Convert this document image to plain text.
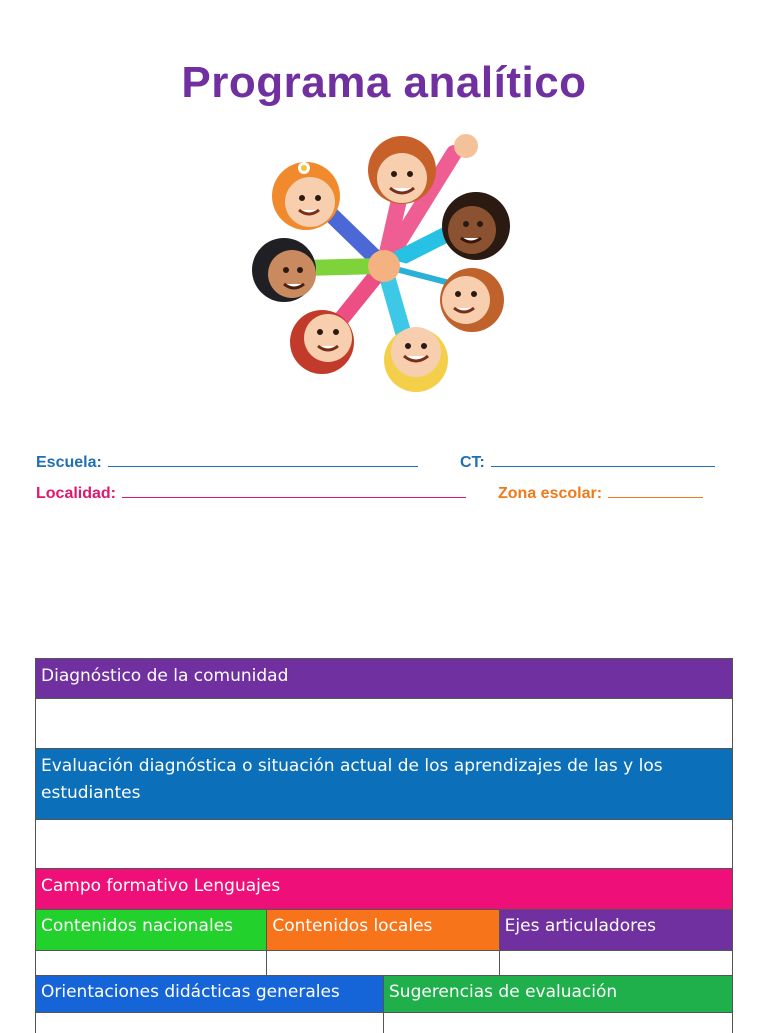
Programa analítico
Escuela:	CT:
Localidad:	Zona escolar:
Diagnóstico de la comunidad
Evaluación diagnóstica o situación actual de los aprendizajes de las y los estudiantes
Campo formativo Lenguajes
Contenidos nacionales	Contenidos locales	Ejes articuladores
Orientaciones didácticas generales	Sugerencias de evaluación
